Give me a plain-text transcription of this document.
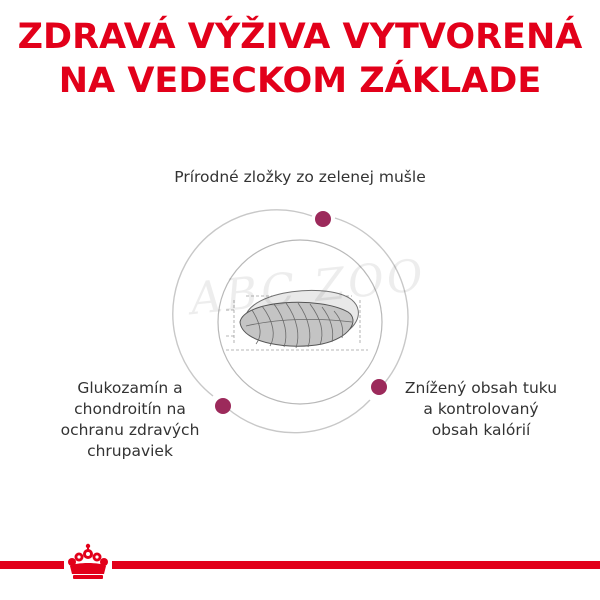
ZDRAVÁ VÝŽIVA VYTVORENÁ
NA VEDECKOM ZÁKLADE
ABC ZOO

Prírodné zložky zo zelenej mušle

Glukozamín a
chondroitín na
ochranu zdravých
chrupaviek

Znížený obsah tuku
a kontrolovaný
obsah kalórií
